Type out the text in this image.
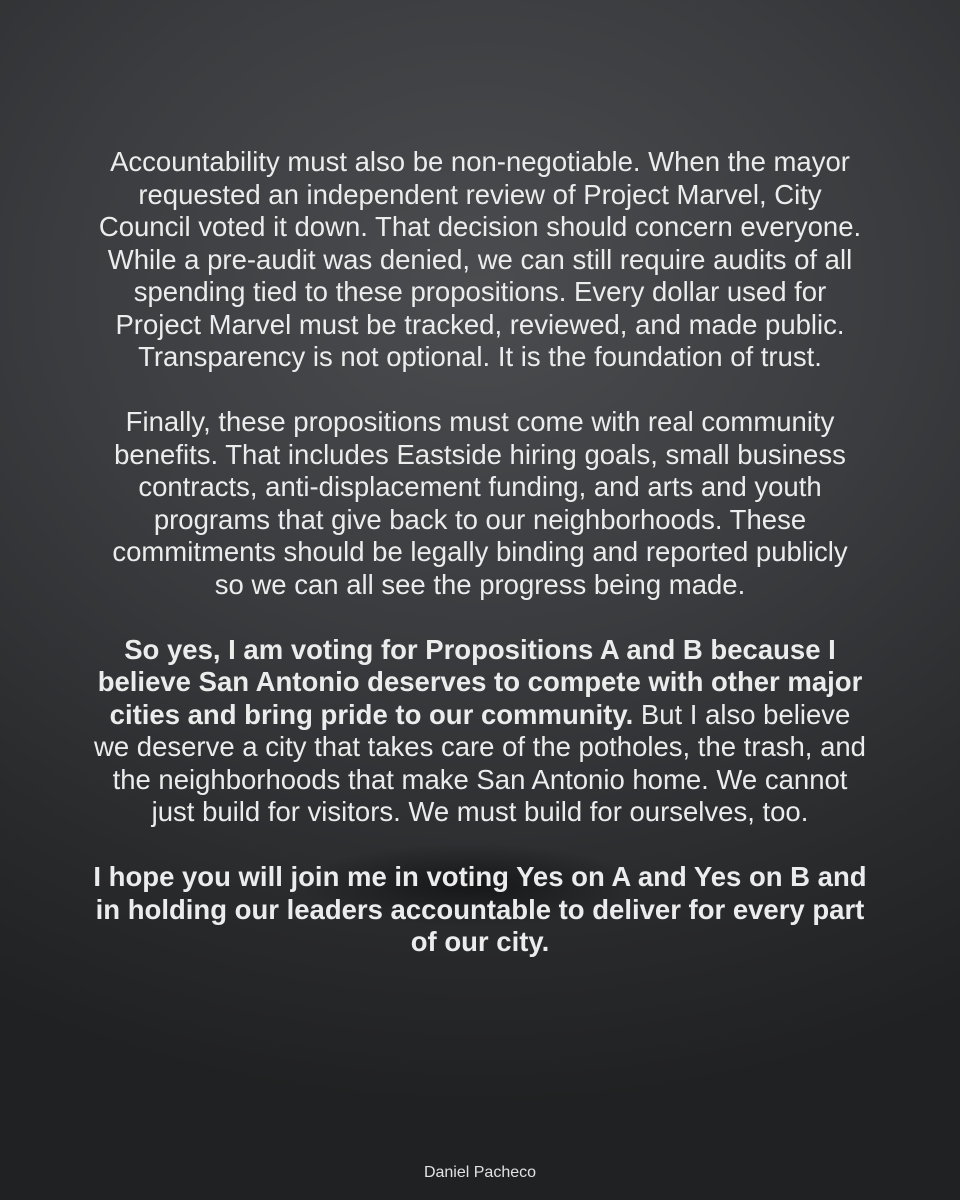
Accountability must also be non-negotiable. When the mayor
requested an independent review of Project Marvel, City
Council voted it down. That decision should concern everyone.
While a pre-audit was denied, we can still require audits of all
spending tied to these propositions. Every dollar used for
Project Marvel must be tracked, reviewed, and made public.
Transparency is not optional. It is the foundation of trust.

Finally, these propositions must come with real community
benefits. That includes Eastside hiring goals, small business
contracts, anti-displacement funding, and arts and youth
programs that give back to our neighborhoods. These
commitments should be legally binding and reported publicly
so we can all see the progress being made.

So yes, I am voting for Propositions A and B because I
believe San Antonio deserves to compete with other major
cities and bring pride to our community. But I also believe
we deserve a city that takes care of the potholes, the trash, and
the neighborhoods that make San Antonio home. We cannot
just build for visitors. We must build for ourselves, too.

I hope you will join me in voting Yes on A and Yes on B and
in holding our leaders accountable to deliver for every part
of our city.

Daniel Pacheco
